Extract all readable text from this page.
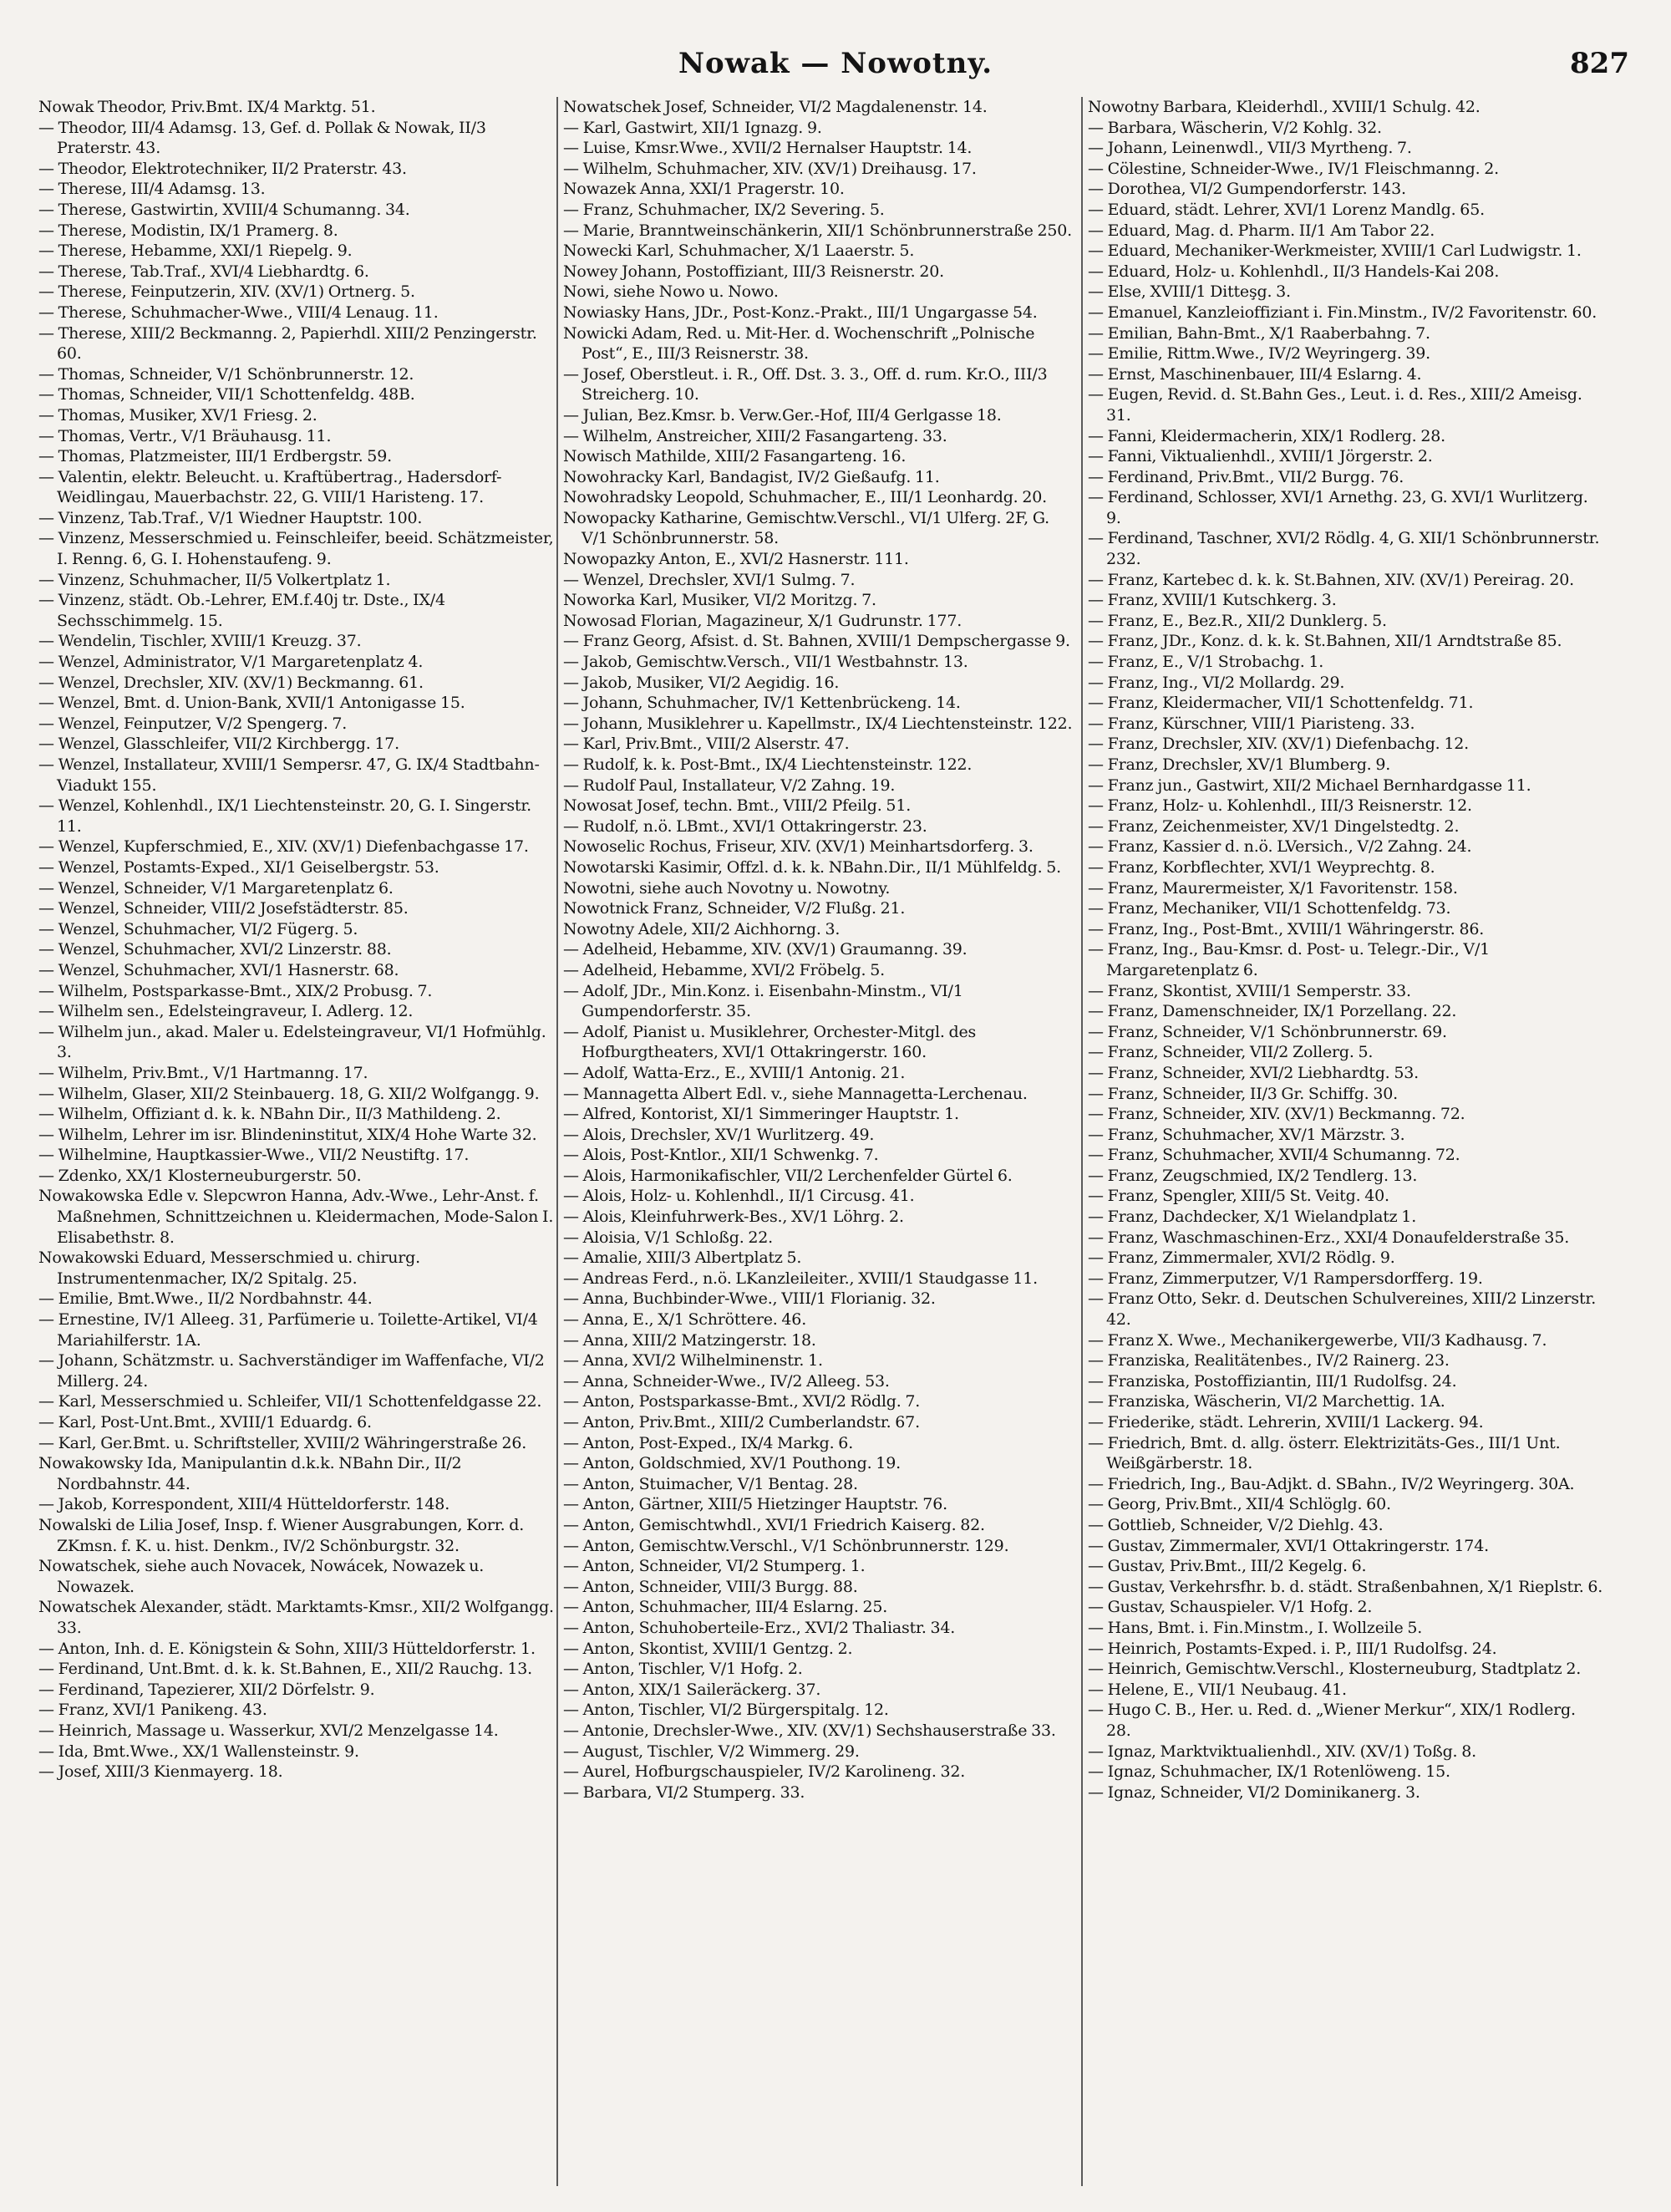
Nowak — Nowotny.	827

Nowak Theodor, Priv.Bmt. IX/4 Marktg. 51.

— Theodor, III/4 Adamsg. 13, Gef. d. Pollak & Nowak, II/3 Praterstr. 43.

— Theodor, Elektrotechniker, II/2 Praterstr. 43.

— Therese, III/4 Adamsg. 13.

— Therese, Gastwirtin, XVIII/4 Schumanng. 34.

— Therese, Modistin, IX/1 Pramerg. 8.

— Therese, Hebamme, XXI/1 Riepelg. 9.

— Therese, Tab.Traf., XVI/4 Liebhardtg. 6.

— Therese, Feinputzerin, XIV. (XV/1) Ortnerg. 5.

— Therese, Schuhmacher-Wwe., VIII/4 Lenaug. 11.

— Therese, XIII/2 Beckmanng. 2, Papierhdl. XIII/2 Penzingerstr. 60.

— Thomas, Schneider, V/1 Schönbrunnerstr. 12.

— Thomas, Schneider, VII/1 Schottenfeldg. 48B.

— Thomas, Musiker, XV/1 Friesg. 2.

— Thomas, Vertr., V/1 Bräuhausg. 11.

— Thomas, Platzmeister, III/1 Erdbergstr. 59.

— Valentin, elektr. Beleucht. u. Kraftübertrag., Hadersdorf-Weidlingau, Mauerbachstr. 22, G. VIII/1 Haristeng. 17.

— Vinzenz, Tab.Traf., V/1 Wiedner Hauptstr. 100.

— Vinzenz, Messerschmied u. Feinschleifer, beeid. Schätzmeister, I. Renng. 6, G. I. Hohenstaufeng. 9.

— Vinzenz, Schuhmacher, II/5 Volkertplatz 1.

— Vinzenz, städt. Ob.-Lehrer, EM.f.40j tr. Dste., IX/4 Sechsschimmelg. 15.

— Wendelin, Tischler, XVIII/1 Kreuzg. 37.

— Wenzel, Administrator, V/1 Margaretenplatz 4.

— Wenzel, Drechsler, XIV. (XV/1) Beckmanng. 61.

— Wenzel, Bmt. d. Union-Bank, XVII/1 Antonigasse 15.

— Wenzel, Feinputzer, V/2 Spengerg. 7.

— Wenzel, Glasschleifer, VII/2 Kirchbergg. 17.

— Wenzel, Installateur, XVIII/1 Sempersr. 47, G. IX/4 Stadtbahn-Viadukt 155.

— Wenzel, Kohlenhdl., IX/1 Liechtensteinstr. 20, G. I. Singerstr. 11.

— Wenzel, Kupferschmied, E., XIV. (XV/1) Diefenbachgasse 17.

— Wenzel, Postamts-Exped., XI/1 Geiselbergstr. 53.

— Wenzel, Schneider, V/1 Margaretenplatz 6.

— Wenzel, Schneider, VIII/2 Josefstädterstr. 85.

— Wenzel, Schuhmacher, VI/2 Fügerg. 5.

— Wenzel, Schuhmacher, XVI/2 Linzerstr. 88.

— Wenzel, Schuhmacher, XVI/1 Hasnerstr. 68.

— Wilhelm, Postsparkasse-Bmt., XIX/2 Probusg. 7.

— Wilhelm sen., Edelsteingraveur, I. Adlerg. 12.

— Wilhelm jun., akad. Maler u. Edelsteingraveur, VI/1 Hofmühlg. 3.

— Wilhelm, Priv.Bmt., V/1 Hartmanng. 17.

— Wilhelm, Glaser, XII/2 Steinbauerg. 18, G. XII/2 Wolfgangg. 9.

— Wilhelm, Offiziant d. k. k. NBahn Dir., II/3 Mathildeng. 2.

— Wilhelm, Lehrer im isr. Blindeninstitut, XIX/4 Hohe Warte 32.

— Wilhelmine, Hauptkassier-Wwe., VII/2 Neustiftg. 17.

— Zdenko, XX/1 Klosterneuburgerstr. 50.

Nowakowska Edle v. Slepcwron Hanna, Adv.-Wwe., Lehr-Anst. f. Maßnehmen, Schnittzeichnen u. Kleidermachen, Mode-Salon I. Elisabethstr. 8.

Nowakowski Eduard, Messerschmied u. chirurg. Instrumentenmacher, IX/2 Spitalg. 25.

— Emilie, Bmt.Wwe., II/2 Nordbahnstr. 44.

— Ernestine, IV/1 Alleeg. 31, Parfümerie u. Toilette-Artikel, VI/4 Mariahilferstr. 1A.

— Johann, Schätzmstr. u. Sachverständiger im Waffenfache, VI/2 Millerg. 24.

— Karl, Messerschmied u. Schleifer, VII/1 Schottenfeldgasse 22.

— Karl, Post-Unt.Bmt., XVIII/1 Eduardg. 6.

— Karl, Ger.Bmt. u. Schriftsteller, XVIII/2 Währingerstraße 26.

Nowakowsky Ida, Manipulantin d.k.k. NBahn Dir., II/2 Nordbahnstr. 44.

— Jakob, Korrespondent, XIII/4 Hütteldorferstr. 148.

Nowalski de Lilia Josef, Insp. f. Wiener Ausgrabungen, Korr. d. ZKmsn. f. K. u. hist. Denkm., IV/2 Schönburgstr. 32.

Nowatschek, siehe auch Novacek, Nowácek, Nowazek u. Nowazek.

Nowatschek Alexander, städt. Marktamts-Kmsr., XII/2 Wolfgangg. 33.

— Anton, Inh. d. E. Königstein & Sohn, XIII/3 Hütteldorferstr. 1.

— Ferdinand, Unt.Bmt. d. k. k. St.Bahnen, E., XII/2 Rauchg. 13.

— Ferdinand, Tapezierer, XII/2 Dörfelstr. 9.

— Franz, XVI/1 Panikeng. 43.

— Heinrich, Massage u. Wasserkur, XVI/2 Menzelgasse 14.

— Ida, Bmt.Wwe., XX/1 Wallensteinstr. 9.

— Josef, XIII/3 Kienmayerg. 18.

Nowatschek Josef, Schneider, VI/2 Magdalenenstr. 14.

— Karl, Gastwirt, XII/1 Ignazg. 9.

— Luise, Kmsr.Wwe., XVII/2 Hernalser Hauptstr. 14.

— Wilhelm, Schuhmacher, XIV. (XV/1) Dreihausg. 17.

Nowazek Anna, XXI/1 Pragerstr. 10.

— Franz, Schuhmacher, IX/2 Severing. 5.

— Marie, Branntweinschänkerin, XII/1 Schönbrunnerstraße 250.

Nowecki Karl, Schuhmacher, X/1 Laaerstr. 5.

Nowey Johann, Postoffiziant, III/3 Reisnerstr. 20.

Nowi, siehe Nowo u. Nowo.

Nowiasky Hans, JDr., Post-Konz.-Prakt., III/1 Ungargasse 54.

Nowicki Adam, Red. u. Mit-Her. d. Wochenschrift „Polnische Post“, E., III/3 Reisnerstr. 38.

— Josef, Oberstleut. i. R., Off. Dst. 3. 3., Off. d. rum. Kr.O., III/3 Streicherg. 10.

— Julian, Bez.Kmsr. b. Verw.Ger.-Hof, III/4 Gerlgasse 18.

— Wilhelm, Anstreicher, XIII/2 Fasangarteng. 33.

Nowisch Mathilde, XIII/2 Fasangarteng. 16.

Nowohracky Karl, Bandagist, IV/2 Gießaufg. 11.

Nowohradsky Leopold, Schuhmacher, E., III/1 Leonhardg. 20.

Nowopacky Katharine, Gemischtw.Verschl., VI/1 Ulferg. 2F, G. V/1 Schönbrunnerstr. 58.

Nowopazky Anton, E., XVI/2 Hasnerstr. 111.

— Wenzel, Drechsler, XVI/1 Sulmg. 7.

Noworka Karl, Musiker, VI/2 Moritzg. 7.

Nowosad Florian, Magazineur, X/1 Gudrunstr. 177.

— Franz Georg, Afsist. d. St. Bahnen, XVIII/1 Dempschergasse 9.

— Jakob, Gemischtw.Versch., VII/1 Westbahnstr. 13.

— Jakob, Musiker, VI/2 Aegidig. 16.

— Johann, Schuhmacher, IV/1 Kettenbrückeng. 14.

— Johann, Musiklehrer u. Kapellmstr., IX/4 Liechtensteinstr. 122.

— Karl, Priv.Bmt., VIII/2 Alserstr. 47.

— Rudolf, k. k. Post-Bmt., IX/4 Liechtensteinstr. 122.

— Rudolf Paul, Installateur, V/2 Zahng. 19.

Nowosat Josef, techn. Bmt., VIII/2 Pfeilg. 51.

— Rudolf, n.ö. LBmt., XVI/1 Ottakringerstr. 23.

Nowoselic Rochus, Friseur, XIV. (XV/1) Meinhartsdorferg. 3.

Nowotarski Kasimir, Offzl. d. k. k. NBahn.Dir., II/1 Mühlfeldg. 5.

Nowotni, siehe auch Novotny u. Nowotny.

Nowotnick Franz, Schneider, V/2 Flußg. 21.

Nowotny Adele, XII/2 Aichhorng. 3.

— Adelheid, Hebamme, XIV. (XV/1) Graumanng. 39.

— Adelheid, Hebamme, XVI/2 Fröbelg. 5.

— Adolf, JDr., Min.Konz. i. Eisenbahn-Minstm., VI/1 Gumpendorferstr. 35.

— Adolf, Pianist u. Musiklehrer, Orchester-Mitgl. des Hofburgtheaters, XVI/1 Ottakringerstr. 160.

— Adolf, Watta-Erz., E., XVIII/1 Antonig. 21.

— Mannagetta Albert Edl. v., siehe Mannagetta-Lerchenau.

— Alfred, Kontorist, XI/1 Simmeringer Hauptstr. 1.

— Alois, Drechsler, XV/1 Wurlitzerg. 49.

— Alois, Post-Kntlor., XII/1 Schwenkg. 7.

— Alois, Harmonikafischler, VII/2 Lerchenfelder Gürtel 6.

— Alois, Holz- u. Kohlenhdl., II/1 Circusg. 41.

— Alois, Kleinfuhrwerk-Bes., XV/1 Löhrg. 2.

— Aloisia, V/1 Schloßg. 22.

— Amalie, XIII/3 Albertplatz 5.

— Andreas Ferd., n.ö. LKanzleileiter., XVIII/1 Staudgasse 11.

— Anna, Buchbinder-Wwe., VIII/1 Florianig. 32.

— Anna, E., X/1 Schröttere. 46.

— Anna, XIII/2 Matzingerstr. 18.

— Anna, XVI/2 Wilhelminenstr. 1.

— Anna, Schneider-Wwe., IV/2 Alleeg. 53.

— Anton, Postsparkasse-Bmt., XVI/2 Rödlg. 7.

— Anton, Priv.Bmt., XIII/2 Cumberlandstr. 67.

— Anton, Post-Exped., IX/4 Markg. 6.

— Anton, Goldschmied, XV/1 Pouthong. 19.

— Anton, Stuimacher, V/1 Bentag. 28.

— Anton, Gärtner, XIII/5 Hietzinger Hauptstr. 76.

— Anton, Gemischtwhdl., XVI/1 Friedrich Kaiserg. 82.

— Anton, Gemischtw.Verschl., V/1 Schönbrunnerstr. 129.

— Anton, Schneider, VI/2 Stumperg. 1.

— Anton, Schneider, VIII/3 Burgg. 88.

— Anton, Schuhmacher, III/4 Eslarng. 25.

— Anton, Schuhoberteile-Erz., XVI/2 Thaliastr. 34.

— Anton, Skontist, XVIII/1 Gentzg. 2.

— Anton, Tischler, V/1 Hofg. 2.

— Anton, XIX/1 Saileräckerg. 37.

— Anton, Tischler, VI/2 Bürgerspitalg. 12.

— Antonie, Drechsler-Wwe., XIV. (XV/1) Sechshauserstraße 33.

— August, Tischler, V/2 Wimmerg. 29.

— Aurel, Hofburgschauspieler, IV/2 Karolineng. 32.

— Barbara, VI/2 Stumperg. 33.

Nowotny Barbara, Kleiderhdl., XVIII/1 Schulg. 42.

— Barbara, Wäscherin, V/2 Kohlg. 32.

— Johann, Leinenwdl., VII/3 Myrtheng. 7.

— Cölestine, Schneider-Wwe., IV/1 Fleischmanng. 2.

— Dorothea, VI/2 Gumpendorferstr. 143.

— Eduard, städt. Lehrer, XVI/1 Lorenz Mandlg. 65.

— Eduard, Mag. d. Pharm. II/1 Am Tabor 22.

— Eduard, Mechaniker-Werkmeister, XVIII/1 Carl Ludwigstr. 1.

— Eduard, Holz- u. Kohlenhdl., II/3 Handels-Kai 208.

— Else, XVIII/1 Ditteşg. 3.

— Emanuel, Kanzleioffiziant i. Fin.Minstm., IV/2 Favoritenstr. 60.

— Emilian, Bahn-Bmt., X/1 Raaberbahng. 7.

— Emilie, Rittm.Wwe., IV/2 Weyringerg. 39.

— Ernst, Maschinenbauer, III/4 Eslarng. 4.

— Eugen, Revid. d. St.Bahn Ges., Leut. i. d. Res., XIII/2 Ameisg. 31.

— Fanni, Kleidermacherin, XIX/1 Rodlerg. 28.

— Fanni, Viktualienhdl., XVIII/1 Jörgerstr. 2.

— Ferdinand, Priv.Bmt., VII/2 Burgg. 76.

— Ferdinand, Schlosser, XVI/1 Arnethg. 23, G. XVI/1 Wurlitzerg. 9.

— Ferdinand, Taschner, XVI/2 Rödlg. 4, G. XII/1 Schönbrunnerstr. 232.

— Franz, Kartebec d. k. k. St.Bahnen, XIV. (XV/1) Pereirag. 20.

— Franz, XVIII/1 Kutschkerg. 3.

— Franz, E., Bez.R., XII/2 Dunklerg. 5.

— Franz, JDr., Konz. d. k. k. St.Bahnen, XII/1 Arndtstraße 85.

— Franz, E., V/1 Strobachg. 1.

— Franz, Ing., VI/2 Mollardg. 29.

— Franz, Kleidermacher, VII/1 Schottenfeldg. 71.

— Franz, Kürschner, VIII/1 Piaristeng. 33.

— Franz, Drechsler, XIV. (XV/1) Diefenbachg. 12.

— Franz, Drechsler, XV/1 Blumberg. 9.

— Franz jun., Gastwirt, XII/2 Michael Bernhardgasse 11.

— Franz, Holz- u. Kohlenhdl., III/3 Reisnerstr. 12.

— Franz, Zeichenmeister, XV/1 Dingelstedtg. 2.

— Franz, Kassier d. n.ö. LVersich., V/2 Zahng. 24.

— Franz, Korbflechter, XVI/1 Weyprechtg. 8.

— Franz, Maurermeister, X/1 Favoritenstr. 158.

— Franz, Mechaniker, VII/1 Schottenfeldg. 73.

— Franz, Ing., Post-Bmt., XVIII/1 Währingerstr. 86.

— Franz, Ing., Bau-Kmsr. d. Post- u. Telegr.-Dir., V/1 Margaretenplatz 6.

— Franz, Skontist, XVIII/1 Semperstr. 33.

— Franz, Damenschneider, IX/1 Porzellang. 22.

— Franz, Schneider, V/1 Schönbrunnerstr. 69.

— Franz, Schneider, VII/2 Zollerg. 5.

— Franz, Schneider, XVI/2 Liebhardtg. 53.

— Franz, Schneider, II/3 Gr. Schiffg. 30.

— Franz, Schneider, XIV. (XV/1) Beckmanng. 72.

— Franz, Schuhmacher, XV/1 Märzstr. 3.

— Franz, Schuhmacher, XVII/4 Schumanng. 72.

— Franz, Zeugschmied, IX/2 Tendlerg. 13.

— Franz, Spengler, XIII/5 St. Veitg. 40.

— Franz, Dachdecker, X/1 Wielandplatz 1.

— Franz, Waschmaschinen-Erz., XXI/4 Donaufelderstraße 35.

— Franz, Zimmermaler, XVI/2 Rödlg. 9.

— Franz, Zimmerputzer, V/1 Rampersdorfferg. 19.

— Franz Otto, Sekr. d. Deutschen Schulvereines, XIII/2 Linzerstr. 42.

— Franz X. Wwe., Mechanikergewerbe, VII/3 Kadhausg. 7.

— Franziska, Realitätenbes., IV/2 Rainerg. 23.

— Franziska, Postoffiziantin, III/1 Rudolfsg. 24.

— Franziska, Wäscherin, VI/2 Marchettig. 1A.

— Friederike, städt. Lehrerin, XVIII/1 Lackerg. 94.

— Friedrich, Bmt. d. allg. österr. Elektrizitäts-Ges., III/1 Unt. Weißgärberstr. 18.

— Friedrich, Ing., Bau-Adjkt. d. SBahn., IV/2 Weyringerg. 30A.

— Georg, Priv.Bmt., XII/4 Schlöglg. 60.

— Gottlieb, Schneider, V/2 Diehlg. 43.

— Gustav, Zimmermaler, XVI/1 Ottakringerstr. 174.

— Gustav, Priv.Bmt., III/2 Kegelg. 6.

— Gustav, Verkehrsfhr. b. d. städt. Straßenbahnen, X/1 Rieplstr. 6.

— Gustav, Schauspieler. V/1 Hofg. 2.

— Hans, Bmt. i. Fin.Minstm., I. Wollzeile 5.

— Heinrich, Postamts-Exped. i. P., III/1 Rudolfsg. 24.

— Heinrich, Gemischtw.Verschl., Klosterneuburg, Stadtplatz 2.

— Helene, E., VII/1 Neubaug. 41.

— Hugo C. B., Her. u. Red. d. „Wiener Merkur“, XIX/1 Rodlerg. 28.

— Ignaz, Marktviktualienhdl., XIV. (XV/1) Toßg. 8.

— Ignaz, Schuhmacher, IX/1 Rotenlöweng. 15.

— Ignaz, Schneider, VI/2 Dominikanerg. 3.
